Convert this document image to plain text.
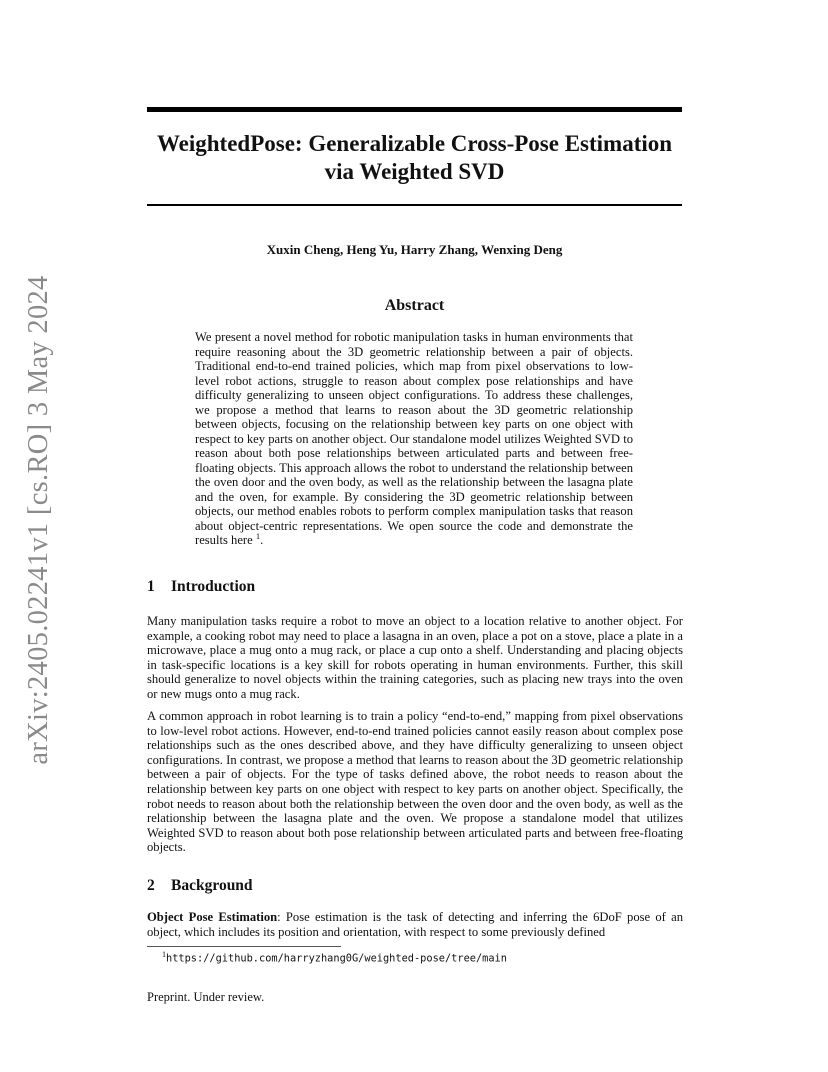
WeightedPose: Generalizable Cross-Pose Estimation via Weighted SVD
Xuxin Cheng, Heng Yu, Harry Zhang, Wenxing Deng
Abstract
We present a novel method for robotic manipulation tasks in human environments that require reasoning about the 3D geometric relationship between a pair of objects. Traditional end-to-end trained policies, which map from pixel observations to low-level robot actions, struggle to reason about complex pose relationships and have difficulty generalizing to unseen object configurations. To address these challenges, we propose a method that learns to reason about the 3D geometric relationship between objects, focusing on the relationship between key parts on one object with respect to key parts on another object. Our standalone model utilizes Weighted SVD to reason about both pose relationships between articulated parts and between free-floating objects. This approach allows the robot to understand the relationship between the oven door and the oven body, as well as the relationship between the lasagna plate and the oven, for example. By considering the 3D geometric relationship between objects, our method enables robots to perform complex manipulation tasks that reason about object-centric representations. We open source the code and demonstrate the results here $^1$.
1 Introduction
Many manipulation tasks require a robot to move an object to a location relative to another object. For example, a cooking robot may need to place a lasagna in an oven, place a pot on a stove, place a plate in a microwave, place a mug onto a mug rack, or place a cup onto a shelf. Understanding and placing objects in task-specific locations is a key skill for robots operating in human environments. Further, this skill should generalize to novel objects within the training categories, such as placing new trays into the oven or new mugs onto a mug rack.
A common approach in robot learning is to train a policy “end-to-end,” mapping from pixel observations to low-level robot actions. However, end-to-end trained policies cannot easily reason about complex pose relationships such as the ones described above, and they have difficulty generalizing to unseen object configurations. In contrast, we propose a method that learns to reason about the 3D geometric relationship between a pair of objects. For the type of tasks defined above, the robot needs to reason about the relationship between key parts on one object with respect to key parts on another object. Specifically, the robot needs to reason about both the relationship between the oven door and the oven body, as well as the relationship between the lasagna plate and the oven. We propose a standalone model that utilizes Weighted SVD to reason about both pose relationship between articulated parts and between free-floating objects.
2 Background
Object Pose Estimation: Pose estimation is the task of detecting and inferring the 6DoF pose of an object, which includes its position and orientation, with respect to some previously defined
$^1$https://github.com/harryzhang0G/weighted-pose/tree/main
Preprint. Under review.
arXiv:2405.02241v1 [cs.RO] 3 May 2024
